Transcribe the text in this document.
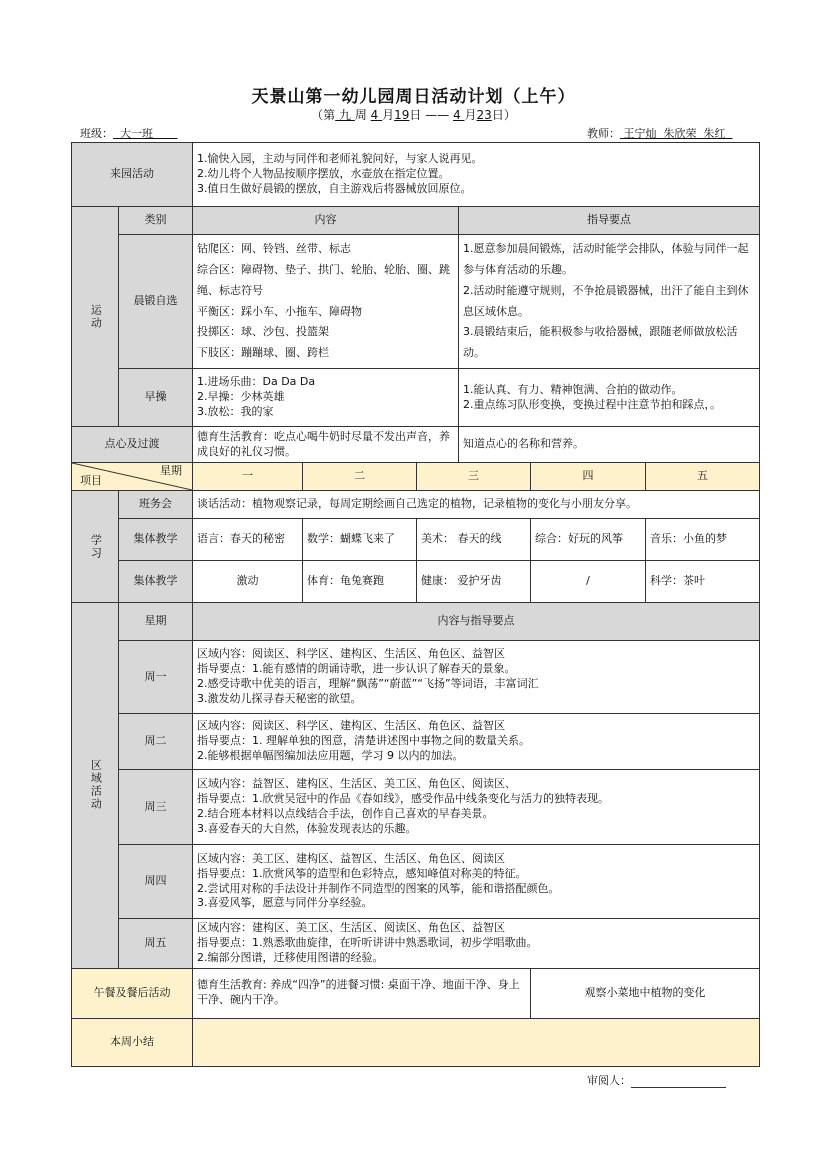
天景山第一幼儿园周日活动计划（上午）
（第 九 周 4 月19日 —— 4 月23日）
班级：  大一班	教师： 王宁灿  朱欣荣  朱红
来园活动		1.愉快入园，主动与同伴和老师礼貌问好，与家人说再见。
2.幼儿将个人物品按顺序摆放，水壶放在指定位置。
3.值日生做好晨锻的摆放，自主游戏后将器械放回原位。					

运动	类别	内容			指导要点		
	晨锻自选	钻爬区：网、铃铛、丝带、标志
综合区：障碍物、垫子、拱门、轮胎、轮胎、圈、跳绳、标志符号
平衡区：踩小车、小拖车、障碍物
投掷区：球、沙包、投篮架
下肢区：蹦蹦球、圈、跨栏			1.愿意参加晨间锻炼，活动时能学会排队，体验与同伴一起参与体育活动的乐趣。
2.活动时能遵守规则，不争抢晨锻器械，出汗了能自主到休息区域休息。
3.晨锻结束后，能积极参与收拾器械，跟随老师做放松活动。		

	早操	1.进场乐曲：Da Da Da
2.早操：少林英雄
3.放松：我的家			1.能认真、有力、精神饱满、合拍的做动作。
2.重点练习队形变换，变换过程中注意节拍和踩点，。		

点心及过渡		德育生活教育：吃点心喝牛奶时尽量不发出声音，养成良好的礼仪习惯。			知道点心的名称和营养。		

星期
项目		一	二	三		四	五
学习	班务会	谈话活动：植物观察记录，每周定期绘画自己选定的植物，记录植物的变化与小朋友分享。					
	集体教学	语言：春天的秘密	数学：蝴蝶飞来了	美术： 春天的线		综合：好玩的风筝	音乐：小鱼的梦
	集体教学	激动	体育：龟兔赛跑	健康： 爱护牙齿		/	科学：茶叶
区域活动	星期	内容与指导要点					
	周一	区域内容：阅读区、科学区、建构区、生活区、角色区、益智区
指导要点：1.能有感情的朗诵诗歌，进一步认识了解春天的景象。
2.感受诗歌中优美的语言，理解“飘荡”“蔚蓝”“飞扬”等词语，丰富词汇
3.激发幼儿探寻春天秘密的欲望。					

	周二	区域内容：阅读区、科学区、建构区、生活区、角色区、益智区
指导要点：1. 理解单独的图意，清楚讲述图中事物之间的数量关系。
2.能够根据单幅图编加法应用题，学习 9 以内的加法。					

	周三	区域内容：益智区、建构区、生活区、美工区、角色区、阅读区、
指导要点：1.欣赏吴冠中的作品《春如线》，感受作品中线条变化与活力的独特表现。
2.结合班本材料以点线结合手法，创作自己喜欢的早春美景。
3.喜爱春天的大自然，体验发现表达的乐趣。					

	周四	区域内容：美工区、建构区、益智区、生活区、角色区、阅读区
指导要点：1.欣赏风筝的造型和色彩特点，感知峰值对称美的特征。
2.尝试用对称的手法设计并制作不同造型的图案的风筝，能和谐搭配颜色。
3.喜爱风筝，愿意与同伴分享经验。					

	周五	区域内容：建构区、美工区、生活区、阅读区、角色区、益智区
指导要点：1.熟悉歌曲旋律，在听听讲讲中熟悉歌词，初步学唱歌曲。
2.编部分图谱，迁移使用图谱的经验。					

午餐及餐后活动		德育生活教育: 养成“四净”的进餐习惯: 桌面干净、地面干净、身上干净、碗内干净。				观察小菜地中植物的变化	
本周小结							
审阅人：
